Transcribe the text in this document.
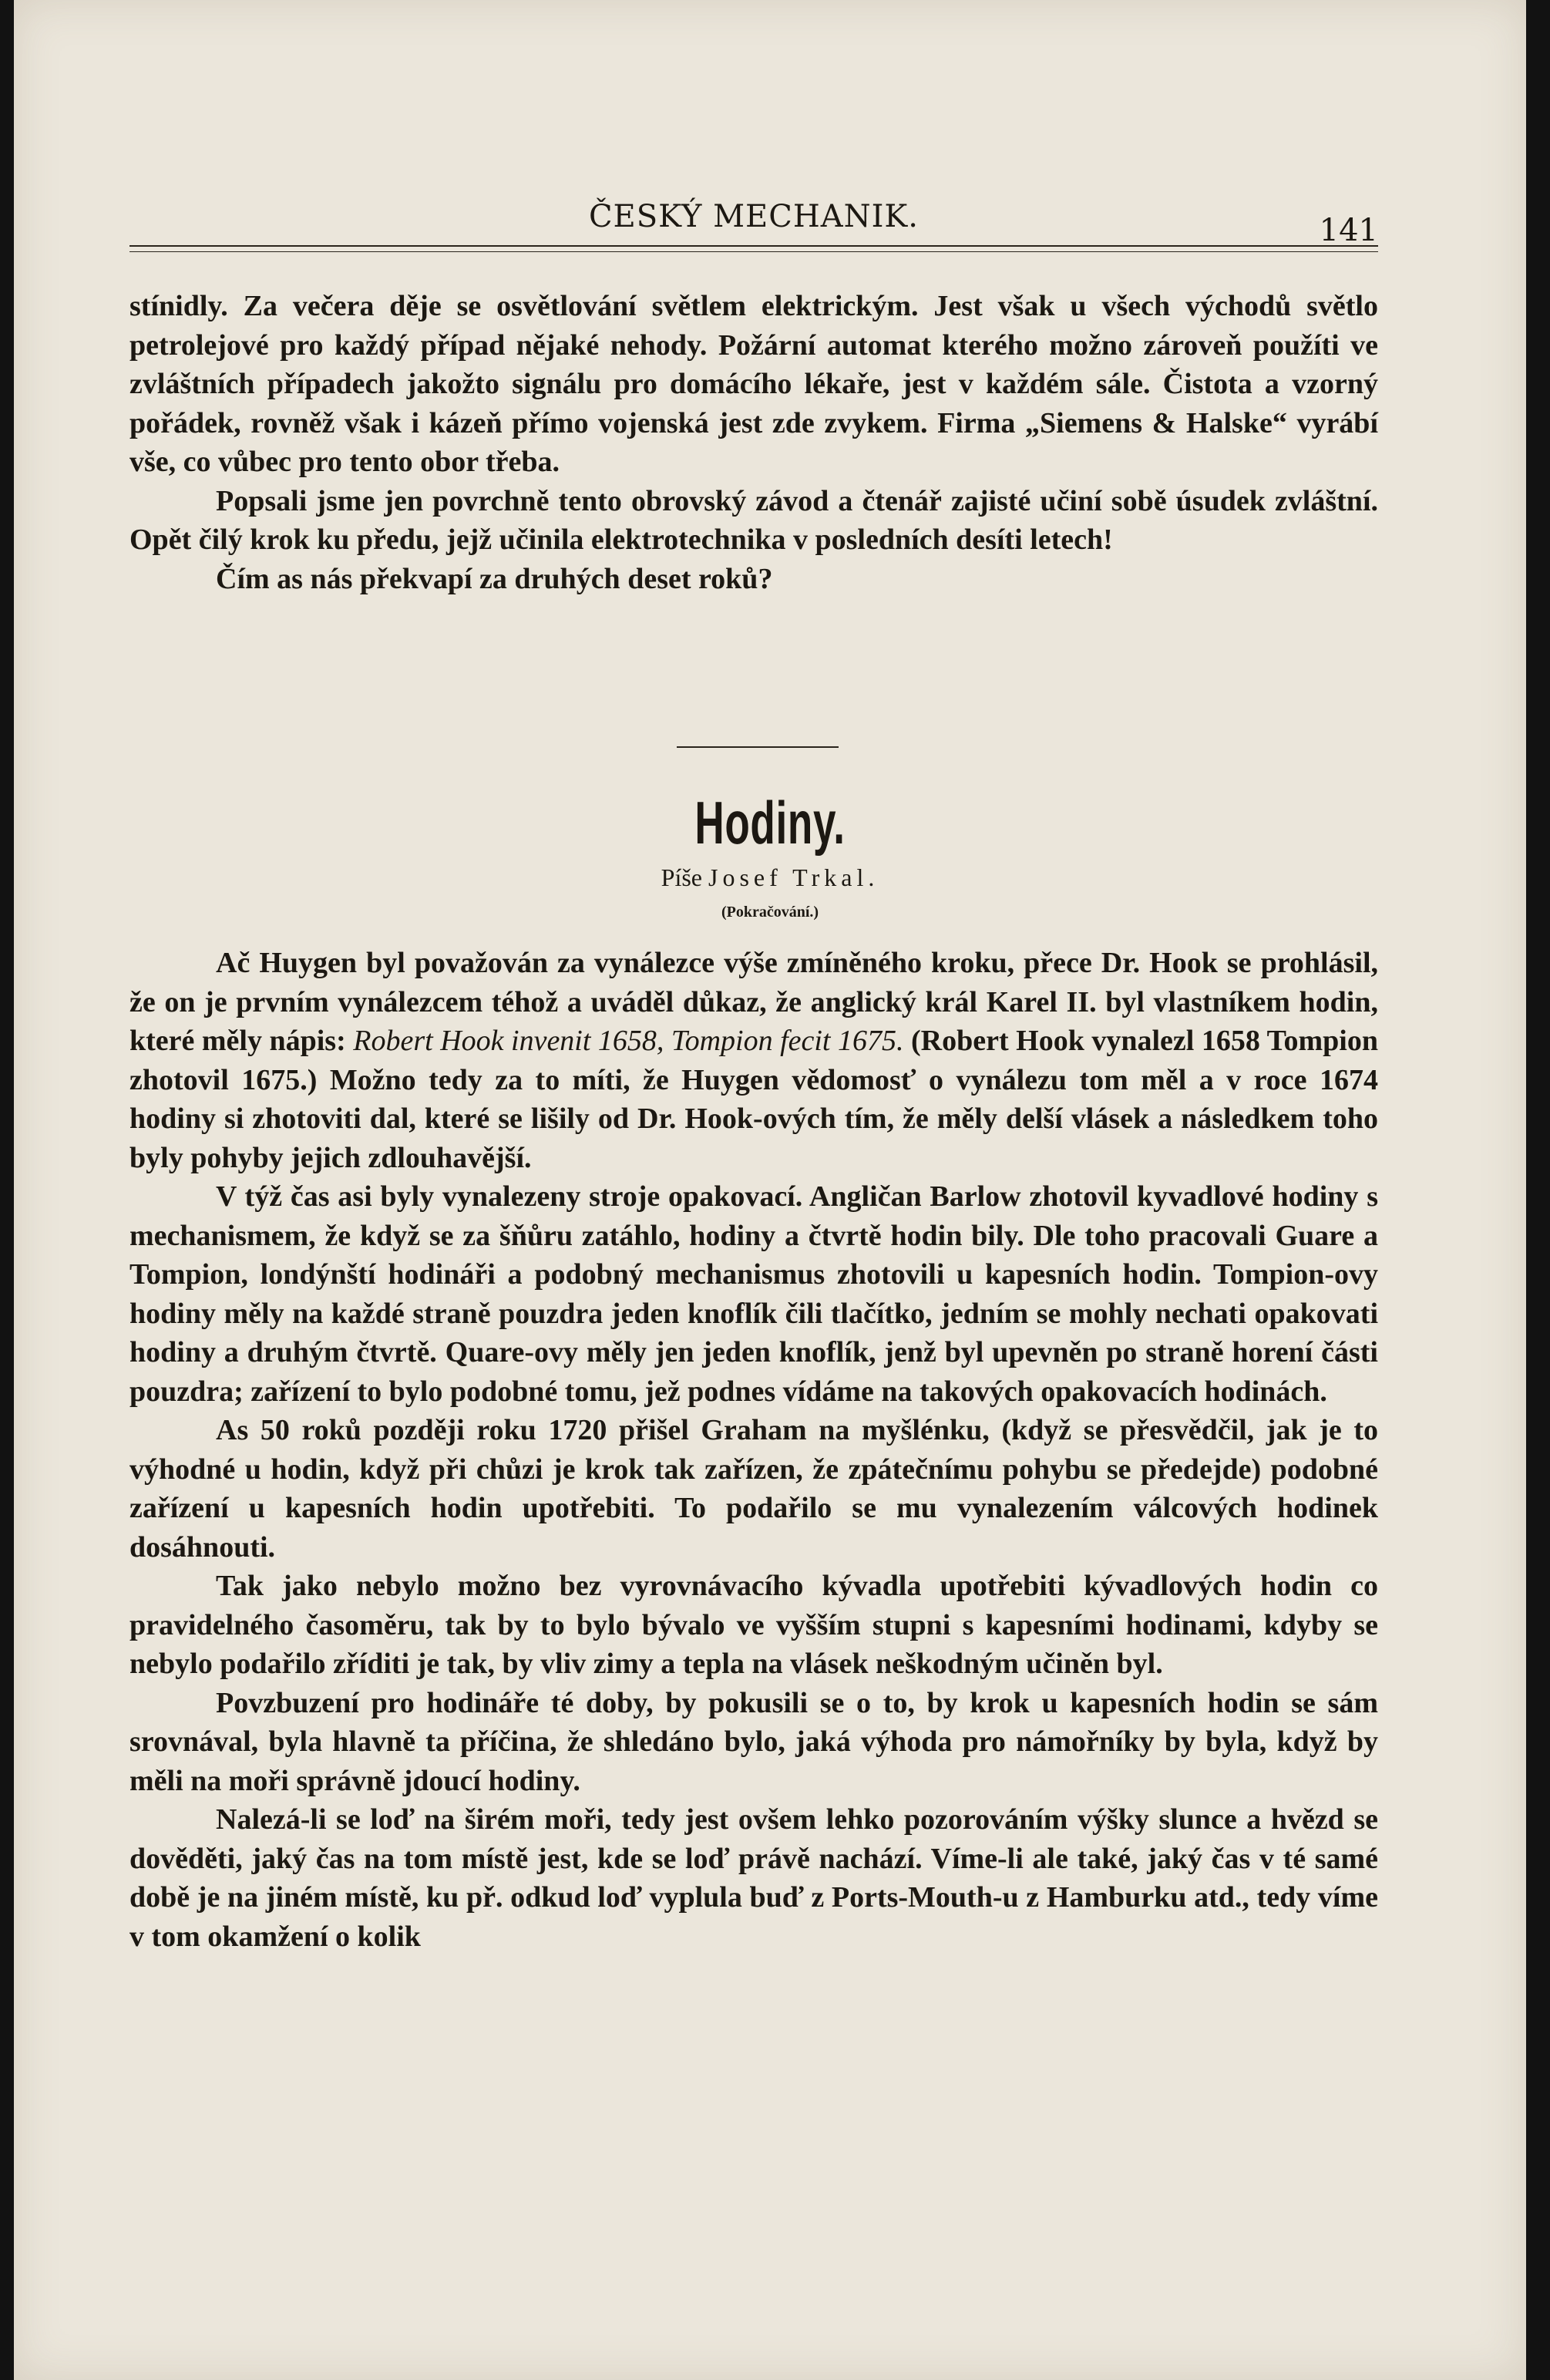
ČESKÝ MECHANIK.	141

stínidly. Za večera děje se osvětlování světlem elektrickým. Jest však u všech východů světlo petrolejové pro každý případ nějaké nehody. Požární automat kterého možno zároveň použíti ve zvláštních případech jakožto signálu pro domácího lékaře, jest v každém sále. Čistota a vzorný pořádek, rovněž však i kázeň přímo vojenská jest zde zvykem. Firma „Siemens & Halske“ vyrábí vše, co vůbec pro tento obor třeba.

Popsali jsme jen povrchně tento obrovský závod a čtenář zajisté učiní sobě úsudek zvláštní. Opět čilý krok ku předu, jejž učinila elektrotechnika v posledních desíti letech!

Čím as nás překvapí za druhých deset roků?

Hodiny.
Píše Josef Trkal.
(Pokračování.)

Ač Huygen byl považován za vynálezce výše zmíněného kroku, přece Dr. Hook se prohlásil, že on je prvním vynálezcem téhož a uváděl důkaz, že anglický král Karel II. byl vlastníkem hodin, které měly nápis: Robert Hook invenit 1658, Tompion fecit 1675. (Robert Hook vynalezl 1658 Tompion zhotovil 1675.) Možno tedy za to míti, že Huygen vědomosť o vynálezu tom měl a v roce 1674 hodiny si zhotoviti dal, které se lišily od Dr. Hook-ových tím, že měly delší vlásek a následkem toho byly pohyby jejich zdlouhavější.

V týž čas asi byly vynalezeny stroje opakovací. Angličan Barlow zhotovil kyvadlové hodiny s mechanismem, že když se za šňůru zatáhlo, hodiny a čtvrtě hodin bily. Dle toho pracovali Guare a Tompion, londýnští hodináři a podobný mechanismus zhotovili u kapesních hodin. Tompion-ovy hodiny měly na každé straně pouzdra jeden knoflík čili tlačítko, jedním se mohly nechati opakovati hodiny a druhým čtvrtě. Quare-ovy měly jen jeden knoflík, jenž byl upevněn po straně horení části pouzdra; zařízení to bylo podobné tomu, jež podnes vídáme na takových opakovacích hodinách.

As 50 roků později roku 1720 přišel Graham na myšlénku, (když se přesvědčil, jak je to výhodné u hodin, když při chůzi je krok tak zařízen, že zpátečnímu pohybu se předejde) podobné zařízení u kapesních hodin upotřebiti. To podařilo se mu vynalezením válcových hodinek dosáhnouti.

Tak jako nebylo možno bez vyrovnávacího kývadla upotřebiti kývadlových hodin co pravidelného časoměru, tak by to bylo bývalo ve vyšším stupni s kapesními hodinami, kdyby se nebylo podařilo zříditi je tak, by vliv zimy a tepla na vlásek neškodným učiněn byl.

Povzbuzení pro hodináře té doby, by pokusili se o to, by krok u kapesních hodin se sám srovnával, byla hlavně ta příčina, že shledáno bylo, jaká výhoda pro námořníky by byla, když by měli na moři správně jdoucí hodiny.

Nalezá-li se loď na širém moři, tedy jest ovšem lehko pozorováním výšky slunce a hvězd se dověděti, jaký čas na tom místě jest, kde se loď právě nachází. Víme-li ale také, jaký čas v té samé době je na jiném místě, ku př. odkud loď vyplula buď z Ports-Mouth-u z Hamburku atd., tedy víme v tom okamžení o kolik
